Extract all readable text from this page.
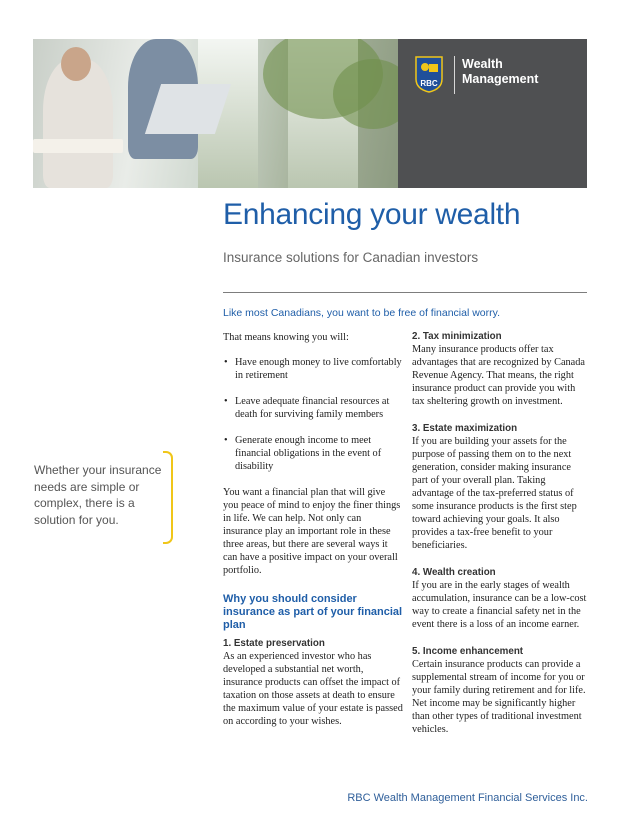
RBC
Wealth
Management
Enhancing your wealth

Insurance solutions for Canadian investors

Like most Canadians, you want to be free of financial worry.

Whether your insurance needs are simple or complex, there is a solution for you.

That means knowing you will:

• Have enough money to live comfortably in retirement
• Leave adequate financial resources at death for surviving family members
• Generate enough income to meet financial obligations in the event of disability

You want a financial plan that will give you peace of mind to enjoy the finer things in life. We can help. Not only can insurance play an important role in these three areas, but there are several ways it can have a positive impact on your overall portfolio.

Why you should consider insurance as part of your financial plan

1. Estate preservation

As an experienced investor who has developed a substantial net worth, insurance products can offset the impact of taxation on those assets at death to ensure the maximum value of your estate is passed on according to your wishes.

2. Tax minimization

Many insurance products offer tax advantages that are recognized by Canada Revenue Agency. That means, the right insurance product can provide you with tax sheltering growth on investment.

3. Estate maximization

If you are building your assets for the purpose of passing them on to the next generation, consider making insurance part of your overall plan. Taking advantage of the tax-preferred status of some insurance products is the first step toward achieving your goals. It also provides a tax-free benefit to your beneficiaries.

4. Wealth creation

If you are in the early stages of wealth accumulation, insurance can be a low-cost way to create a financial safety net in the event there is a loss of an income earner.

5. Income enhancement

Certain insurance products can provide a supplemental stream of income for you or your family during retirement and for life. Net income may be significantly higher than other types of traditional investment vehicles.

RBC Wealth Management Financial Services Inc.
